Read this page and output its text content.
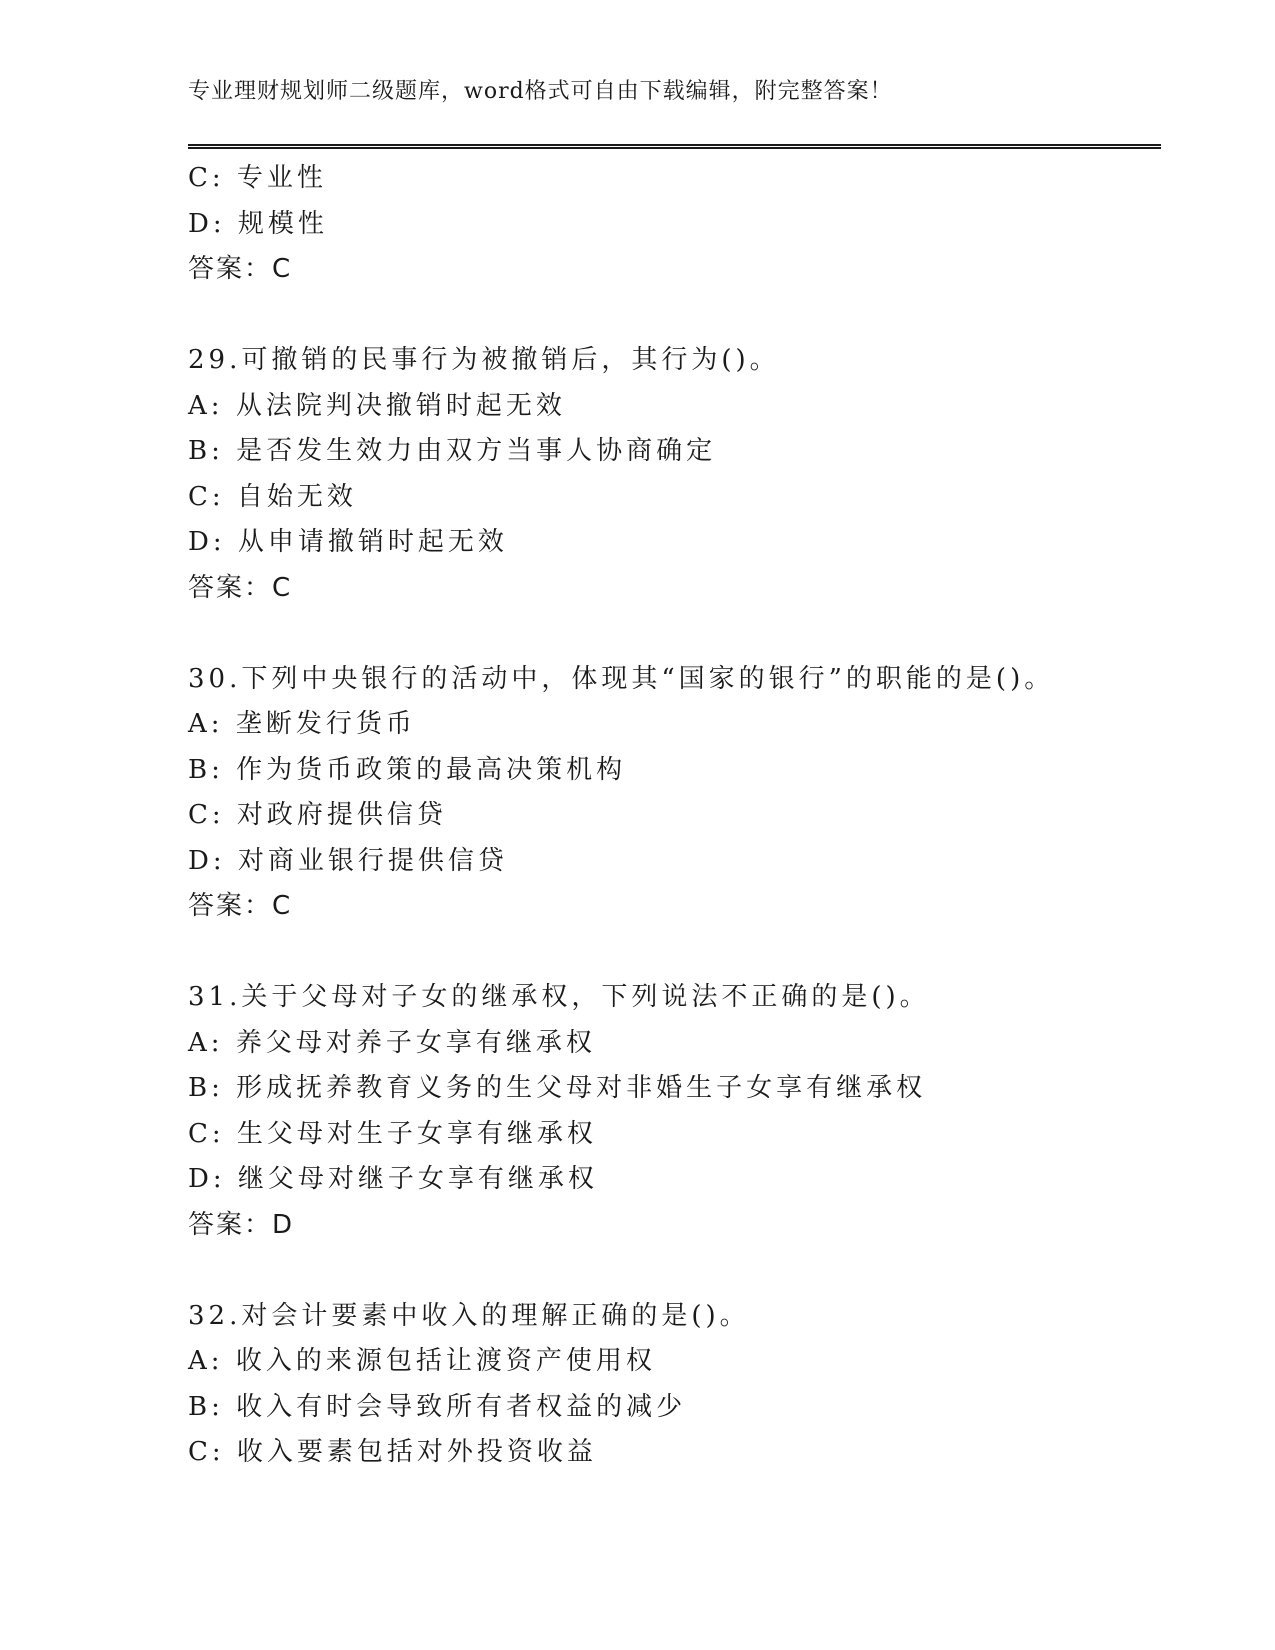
专业理财规划师二级题库，word格式可自由下载编辑，附完整答案！
C: 专业性
D: 规模性
答案：C
29.可撤销的民事行为被撤销后，其行为()。
A: 从法院判决撤销时起无效
B: 是否发生效力由双方当事人协商确定
C: 自始无效
D: 从申请撤销时起无效
答案：C
30.下列中央银行的活动中，体现其“国家的银行”的职能的是()。
A: 垄断发行货币
B: 作为货币政策的最高决策机构
C: 对政府提供信贷
D: 对商业银行提供信贷
答案：C
31.关于父母对子女的继承权，下列说法不正确的是()。
A: 养父母对养子女享有继承权
B: 形成抚养教育义务的生父母对非婚生子女享有继承权
C: 生父母对生子女享有继承权
D: 继父母对继子女享有继承权
答案：D
32.对会计要素中收入的理解正确的是()。
A: 收入的来源包括让渡资产使用权
B: 收入有时会导致所有者权益的减少
C: 收入要素包括对外投资收益
